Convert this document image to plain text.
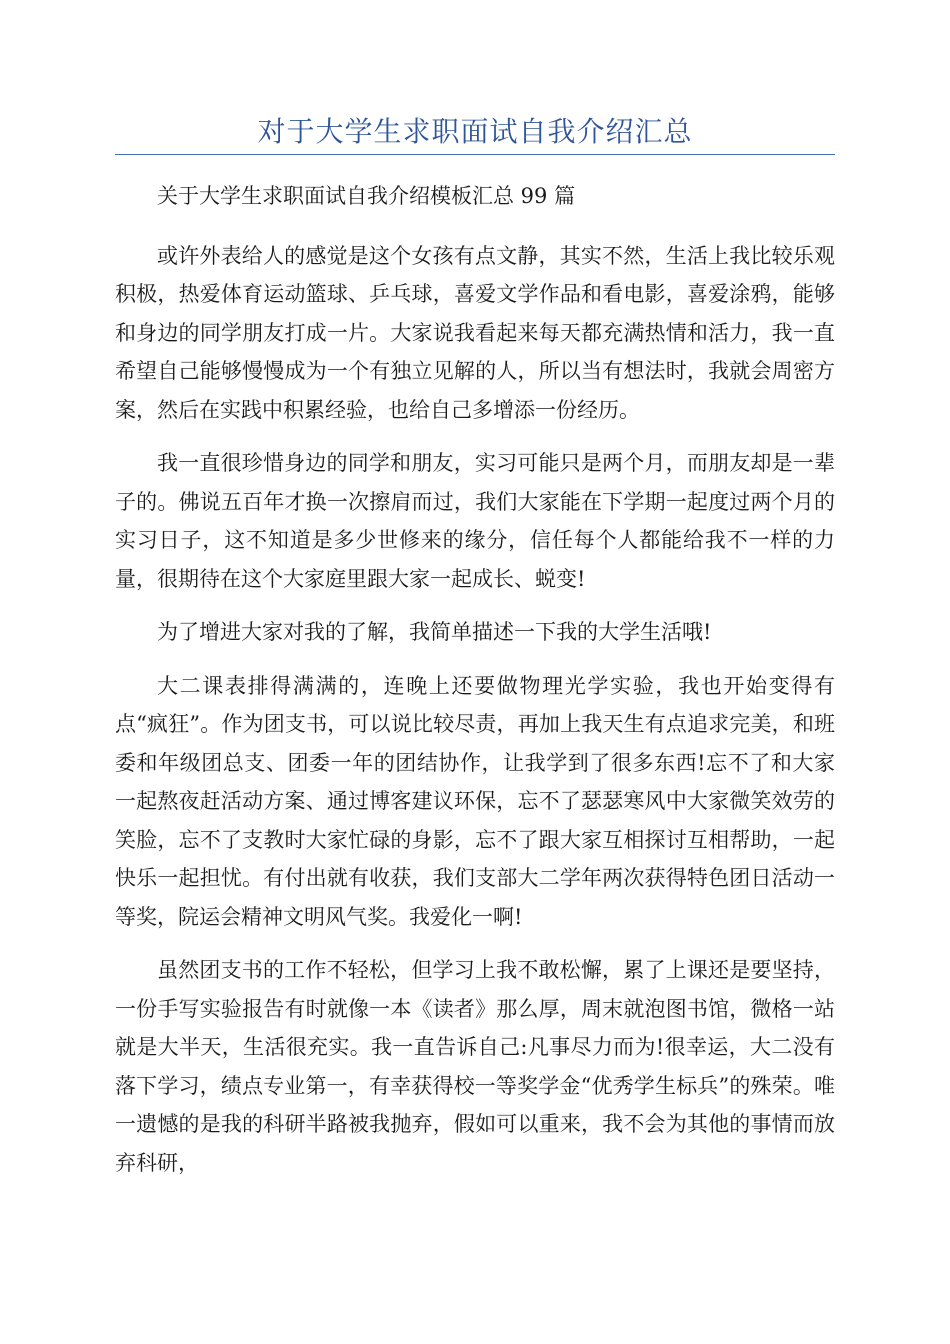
对于大学生求职面试自我介绍汇总

关于大学生求职面试自我介绍模板汇总 99 篇

或许外表给人的感觉是这个女孩有点文静，其实不然，生活上我比较乐观积极，热爱体育运动篮球、乒乓球，喜爱文学作品和看电影，喜爱涂鸦，能够和身边的同学朋友打成一片。大家说我看起来每天都充满热情和活力，我一直希望自己能够慢慢成为一个有独立见解的人，所以当有想法时，我就会周密方案，然后在实践中积累经验，也给自己多增添一份经历。

我一直很珍惜身边的同学和朋友，实习可能只是两个月，而朋友却是一辈子的。佛说五百年才换一次擦肩而过，我们大家能在下学期一起度过两个月的实习日子，这不知道是多少世修来的缘分，信任每个人都能给我不一样的力量，很期待在这个大家庭里跟大家一起成长、蜕变!

为了增进大家对我的了解，我简单描述一下我的大学生活哦!

大二课表排得满满的，连晚上还要做物理光学实验，我也开始变得有点“疯狂”。作为团支书，可以说比较尽责，再加上我天生有点追求完美，和班委和年级团总支、团委一年的团结协作，让我学到了很多东西!忘不了和大家一起熬夜赶活动方案、通过博客建议环保，忘不了瑟瑟寒风中大家微笑效劳的笑脸，忘不了支教时大家忙碌的身影，忘不了跟大家互相探讨互相帮助，一起快乐一起担忧。有付出就有收获，我们支部大二学年两次获得特色团日活动一等奖，院运会精神文明风气奖。我爱化一啊!

虽然团支书的工作不轻松，但学习上我不敢松懈，累了上课还是要坚持，一份手写实验报告有时就像一本《读者》那么厚，周末就泡图书馆，微格一站就是大半天，生活很充实。我一直告诉自己:凡事尽力而为!很幸运，大二没有落下学习，绩点专业第一，有幸获得校一等奖学金“优秀学生标兵”的殊荣。唯一遗憾的是我的科研半路被我抛弃，假如可以重来，我不会为其他的事情而放弃科研，
